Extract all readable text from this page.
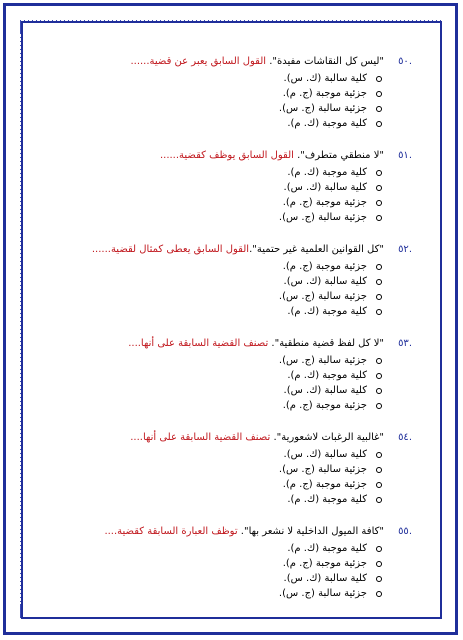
.٥٠
"ليس كل النقاشات مفيدة". القول السابق يعبر عن قضية......
كلية سالبة (ك. س).
جزئية موجبة (ج. م).
جزئية سالبة (ج. س).
كلية موجبة (ك. م).
.٥١
"لا منطقي متطرف". القول السابق يوظف كقضية......
كلية موجبة (ك. م).
كلية سالبة (ك. س).
جزئية موجبة (ج. م).
جزئية سالبة (ج. س).
.٥٢
"كل القوانين العلمية غير حتمية".القول السابق يعطى كمثال لقضية......
جزئية موجبة (ج. م).
كلية سالبة (ك. س).
جزئية سالبة (ج. س).
كلية موجبة (ك. م).
.٥٣
"لا كل لفظ قضية منطقية". تصنف القضية السابقة على أنها....
جزئية سالبة (ج. س).
كلية موجبة (ك. م).
كلية سالبة (ك. س).
جزئية موجبة (ج. م).
.٥٤
"غالبية الرغبات لاشعورية". تصنف القضية السابقة على أنها....
كلية سالبة (ك. س).
جزئية سالبة (ج. س).
جزئية موجبة (ج. م).
كلية موجبة (ك. م).
.٥٥
"كافة الميول الداخلية لا نشعر بها". توظف العبارة السابقة كقضية....
كلية موجبة (ك. م).
جزئية موجبة (ج. م).
كلية سالبة (ك. س).
جزئية سالبة (ج. س).
